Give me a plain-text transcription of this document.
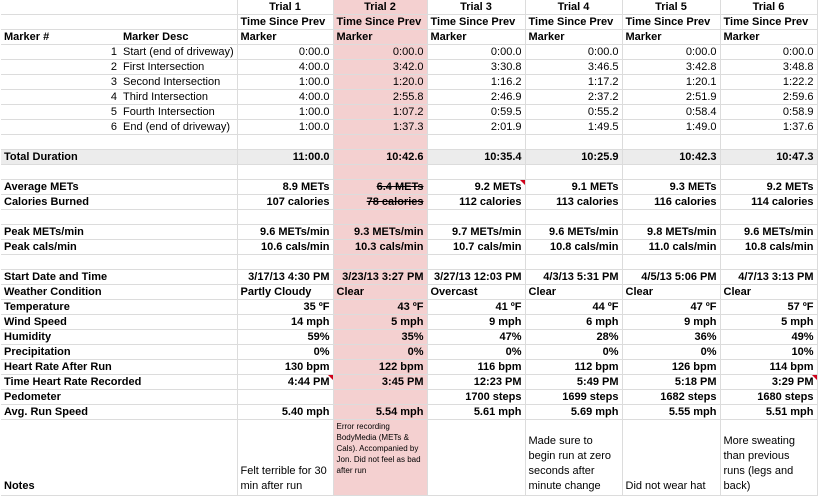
		Trial 1	Trial 2	Trial 3	Trial 4	Trial 5	Trial 6
		Time Since Prev	Time Since Prev	Time Since Prev	Time Since Prev	Time Since Prev	Time Since Prev
Marker #	Marker Desc	Marker	Marker	Marker	Marker	Marker	Marker
1	Start (end of driveway)	0:00.0	0:00.0	0:00.0	0:00.0	0:00.0	0:00.0
2	First Intersection	4:00.0	3:42.0	3:30.8	3:46.5	3:42.8	3:48.8
3	Second Intersection	1:00.0	1:20.0	1:16.2	1:17.2	1:20.1	1:22.2
4	Third Intersection	4:00.0	2:55.8	2:46.9	2:37.2	2:51.9	2:59.6
5	Fourth Intersection	1:00.0	1:07.2	0:59.5	0:55.2	0:58.4	0:58.9
6	End (end of driveway)	1:00.0	1:37.3	2:01.9	1:49.5	1:49.0	1:37.6

Total Duration		11:00.0	10:42.6	10:35.4	10:25.9	10:42.3	10:47.3

Average METs		8.9 METs	6.4 METs	9.2 METs	9.1 METs	9.3 METs	9.2 METs
Calories Burned		107 calories	78 calories	112 calories	113 calories	116 calories	114 calories

Peak METs/min		9.6 METs/min	9.3 METs/min	9.7 METs/min	9.6 METs/min	9.8 METs/min	9.6 METs/min
Peak cals/min		10.6 cals/min	10.3 cals/min	10.7 cals/min	10.8 cals/min	11.0 cals/min	10.8 cals/min

Start Date and Time		3/17/13 4:30 PM	3/23/13 3:27 PM	3/27/13 12:03 PM	4/3/13 5:31 PM	4/5/13 5:06 PM	4/7/13 3:13 PM
Weather Condition		Partly Cloudy	Clear	Overcast	Clear	Clear	Clear
Temperature		35 ºF	43 ºF	41 ºF	44 ºF	47 ºF	57 ºF
Wind Speed		14 mph	5 mph	9 mph	6 mph	9 mph	5 mph
Humidity		59%	35%	47%	28%	36%	49%
Precipitation		0%	0%	0%	0%	0%	10%
Heart Rate After Run		130 bpm	122 bpm	116 bpm	112 bpm	126 bpm	114 bpm
Time Heart Rate Recorded		4:44 PM	3:45 PM	12:23 PM	5:49 PM	5:18 PM	3:29 PM
Pedometer				1700 steps	1699 steps	1682 steps	1680 steps
Avg. Run Speed		5.40 mph	5.54 mph	5.61 mph	5.69 mph	5.55 mph	5.51 mph
Notes		Felt terrible for 30 min after run	Error recording BodyMedia (METs & Cals). Accompanied by Jon. Did not feel as bad after run		Made sure to begin run at zero seconds after minute change	Did not wear hat	More sweating than previous runs (legs and back)
